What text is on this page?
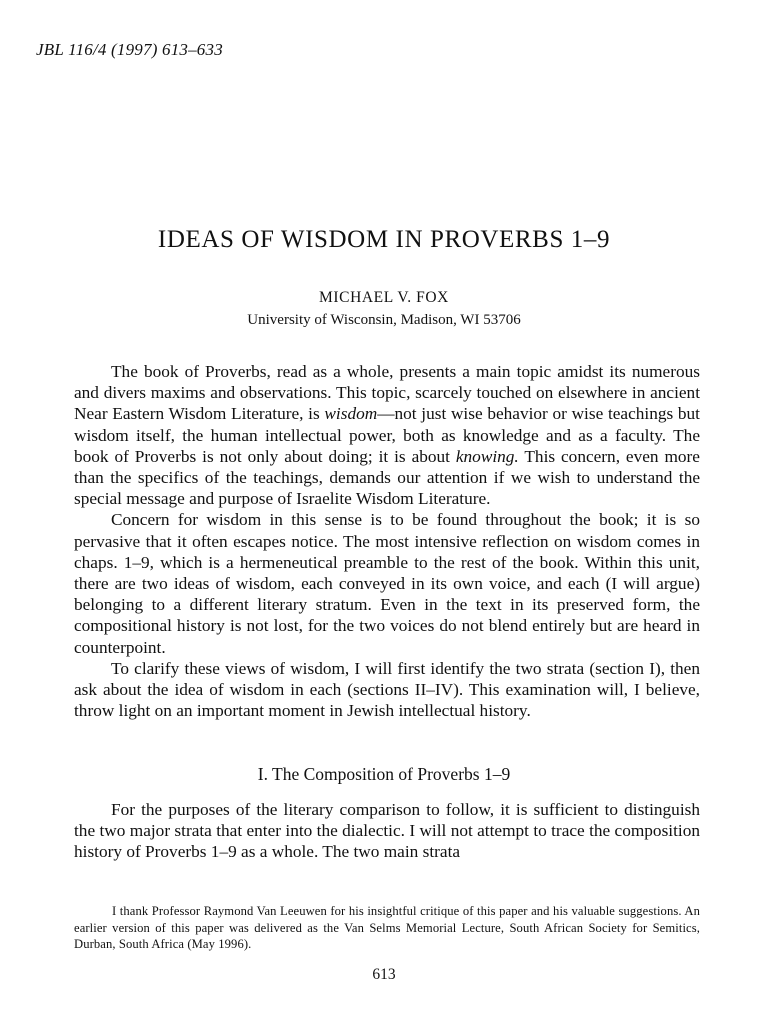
JBL 116/4 (1997) 613–633
IDEAS OF WISDOM IN PROVERBS 1–9
MICHAEL V. FOX
University of Wisconsin, Madison, WI 53706

The book of Proverbs, read as a whole, presents a main topic amidst its numerous and divers maxims and observations. This topic, scarcely touched on elsewhere in ancient Near Eastern Wisdom Literature, is wisdom—not just wise behavior or wise teachings but wisdom itself, the human intellectual power, both as knowledge and as a faculty. The book of Proverbs is not only about doing; it is about knowing. This concern, even more than the specifics of the teachings, demands our attention if we wish to understand the special message and purpose of Israelite Wisdom Literature.

Concern for wisdom in this sense is to be found throughout the book; it is so pervasive that it often escapes notice. The most intensive reflection on wisdom comes in chaps. 1–9, which is a hermeneutical preamble to the rest of the book. Within this unit, there are two ideas of wisdom, each conveyed in its own voice, and each (I will argue) belonging to a different literary stratum. Even in the text in its preserved form, the compositional history is not lost, for the two voices do not blend entirely but are heard in counterpoint.

To clarify these views of wisdom, I will first identify the two strata (section I), then ask about the idea of wisdom in each (sections II–IV). This examination will, I believe, throw light on an important moment in Jewish intellectual history.

I. The Composition of Proverbs 1–9

For the purposes of the literary comparison to follow, it is sufficient to distinguish the two major strata that enter into the dialectic. I will not attempt to trace the composition history of Proverbs 1–9 as a whole. The two main strata

I thank Professor Raymond Van Leeuwen for his insightful critique of this paper and his valuable suggestions. An earlier version of this paper was delivered as the Van Selms Memorial Lecture, South African Society for Semitics, Durban, South Africa (May 1996).
613
